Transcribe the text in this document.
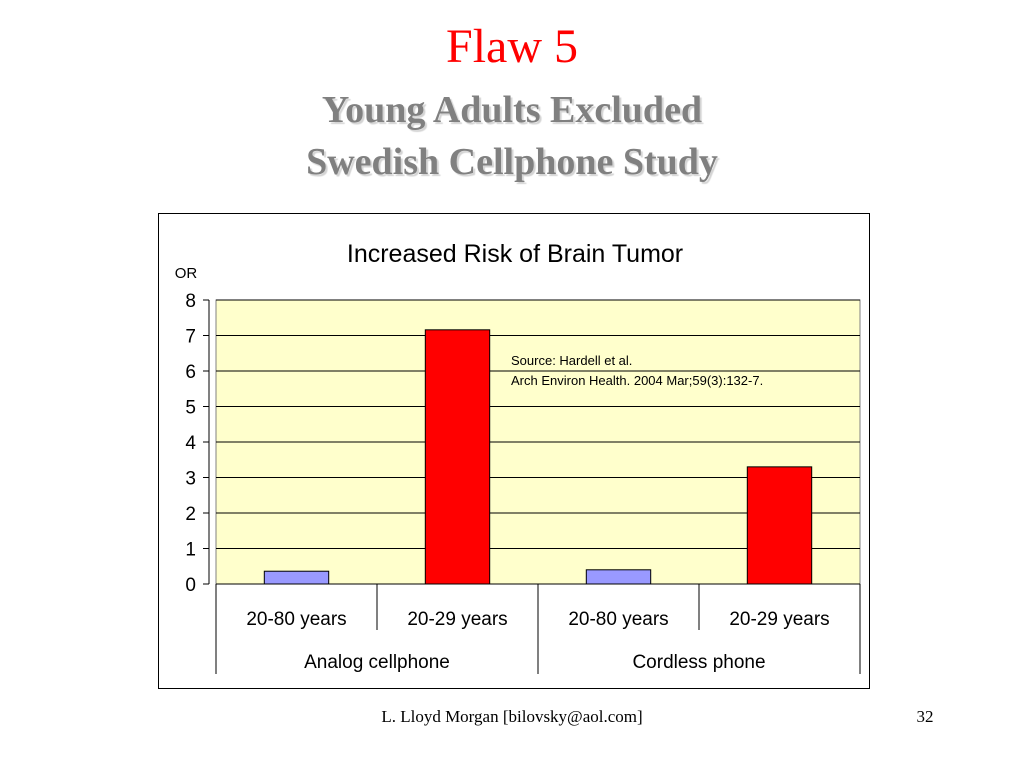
Flaw 5
Young Adults Excluded
Swedish Cellphone Study
Increased Risk of Brain Tumor
OR
0
1
2
3
4
5
6
7
8
20-80 years	20-29 years	20-80 years	20-29 years
Analog cellphone	Cordless phone
Source: Hardell et al.
Arch Environ Health. 2004 Mar;59(3):132-7.
L. Lloyd Morgan [bilovsky@aol.com]	32
